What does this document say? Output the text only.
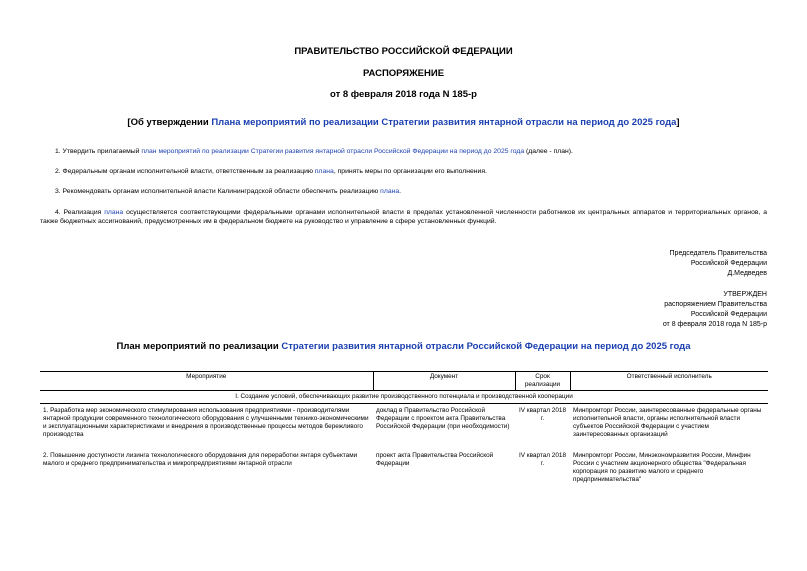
ПРАВИТЕЛЬСТВО РОССИЙСКОЙ ФЕДЕРАЦИИ
РАСПОРЯЖЕНИЕ
от 8 февраля 2018 года N 185-р
[Об утверждении Плана мероприятий по реализации Стратегии развития янтарной отрасли на период до 2025 года]
1. Утвердить прилагаемый план мероприятий по реализации Стратегии развития янтарной отрасли Российской Федерации на период до 2025 года (далее - план).
2. Федеральным органам исполнительной власти, ответственным за реализацию плана, принять меры по организации его выполнения.
3. Рекомендовать органам исполнительной власти Калининградской области обеспечить реализацию плана.
4. Реализация плана осуществляется соответствующими федеральными органами исполнительной власти в пределах установленной численности работников их центральных аппаратов и территориальных органов, а также бюджетных ассигнований, предусмотренных им в федеральном бюджете на руководство и управление в сфере установленных функций.
Председатель Правительства
Российской Федерации
Д.Медведев
УТВЕРЖДЕН
распоряжением Правительства
Российской Федерации
от 8 февраля 2018 года N 185-р
План мероприятий по реализации Стратегии развития янтарной отрасли Российской Федерации на период до 2025 года
Мероприятие	Документ	Срок реализации	Ответственный исполнитель
I. Создание условий, обеспечивающих развитие производственного потенциала и производственной кооперации			
1. Разработка мер экономического стимулирования использования предприятиями - производителями янтарной продукции современного технологического оборудования с улучшенными технико-экономическими и эксплуатационными характеристиками и внедрения в производственные процессы методов бережливого производства	доклад в Правительство Российской Федерации с проектом акта Правительства Российской Федерации (при необходимости)	IV квартал 2018 г.	Минпромторг России, заинтересованные федеральные органы исполнительной власти, органы исполнительной власти субъектов Российской Федерации с участием заинтересованных организаций
2. Повышение доступности лизинга технологического оборудования для переработки янтаря субъектами малого и среднего предпринимательства и микропредприятиями янтарной отрасли	проект акта Правительства Российской Федерации	IV квартал 2018 г.	Минпромторг России, Минэкономразвития России, Минфин России с участием акционерного общества "Федеральная корпорация по развитию малого и среднего предпринимательства"
